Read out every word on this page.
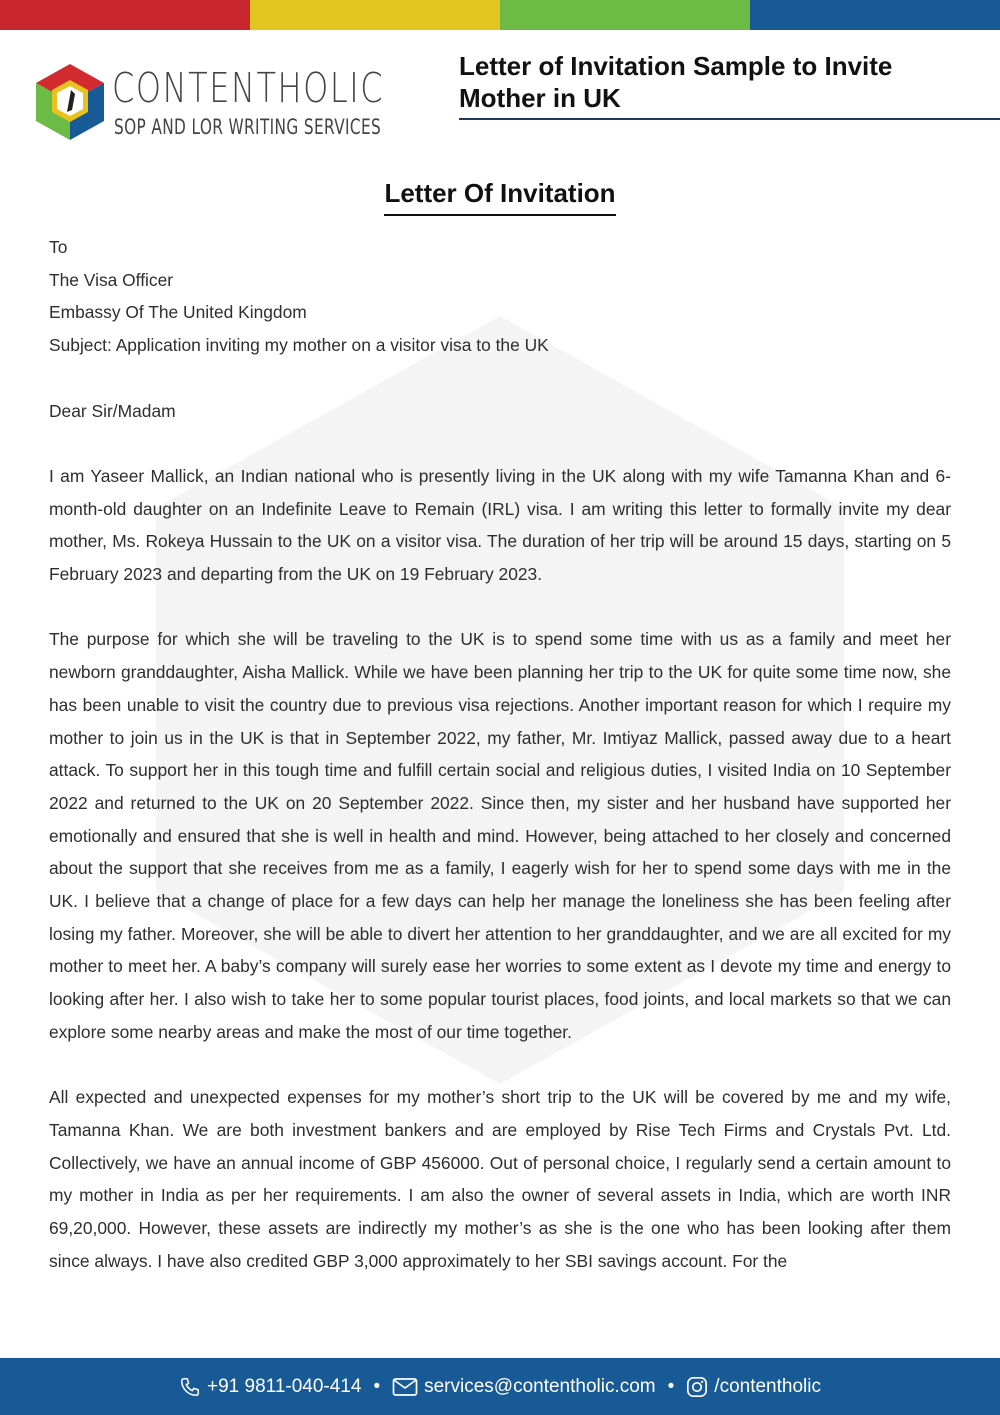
CONTENTHOLIC
SOP AND LOR WRITING SERVICES
Letter of Invitation Sample to Invite
Mother in UK
Letter Of Invitation

To

The Visa Officer

Embassy Of The United Kingdom

Subject: Application inviting my mother on a visitor visa to the UK

Dear Sir/Madam

I am Yaseer Mallick, an Indian national who is presently living in the UK along with my wife Tamanna Khan and 6-month-old daughter on an Indefinite Leave to Remain (IRL) visa. I am writing this letter to formally invite my dear mother, Ms. Rokeya Hussain to the UK on a visitor visa. The duration of her trip will be around 15 days, starting on 5 February 2023 and departing from the UK on 19 February 2023.

The purpose for which she will be traveling to the UK is to spend some time with us as a family and meet her newborn granddaughter, Aisha Mallick. While we have been planning her trip to the UK for quite some time now, she has been unable to visit the country due to previous visa rejections. Another important reason for which I require my mother to join us in the UK is that in September 2022, my father, Mr. Imtiyaz Mallick, passed away due to a heart attack. To support her in this tough time and fulfill certain social and religious duties, I visited India on 10 September 2022 and returned to the UK on 20 September 2022. Since then, my sister and her husband have supported her emotionally and ensured that she is well in health and mind. However, being attached to her closely and concerned about the support that she receives from me as a family, I eagerly wish for her to spend some days with me in the UK. I believe that a change of place for a few days can help her manage the loneliness she has been feeling after losing my father. Moreover, she will be able to divert her attention to her granddaughter, and we are all excited for my mother to meet her. A baby’s company will surely ease her worries to some extent as I devote my time and energy to looking after her. I also wish to take her to some popular tourist places, food joints, and local markets so that we can explore some nearby areas and make the most of our time together.

All expected and unexpected expenses for my mother’s short trip to the UK will be covered by me and my wife, Tamanna Khan. We are both investment bankers and are employed by Rise Tech Firms and Crystals Pvt. Ltd. Collectively, we have an annual income of GBP 456000. Out of personal choice, I regularly send a certain amount to my mother in India as per her requirements. I am also the owner of several assets in India, which are worth INR 69,20,000. However, these assets are indirectly my mother’s as she is the one who has been looking after them since always. I have also credited GBP 3,000 approximately to her SBI savings account. For the

+91 9811-040-414 • services@contentholic.com • /contentholic
